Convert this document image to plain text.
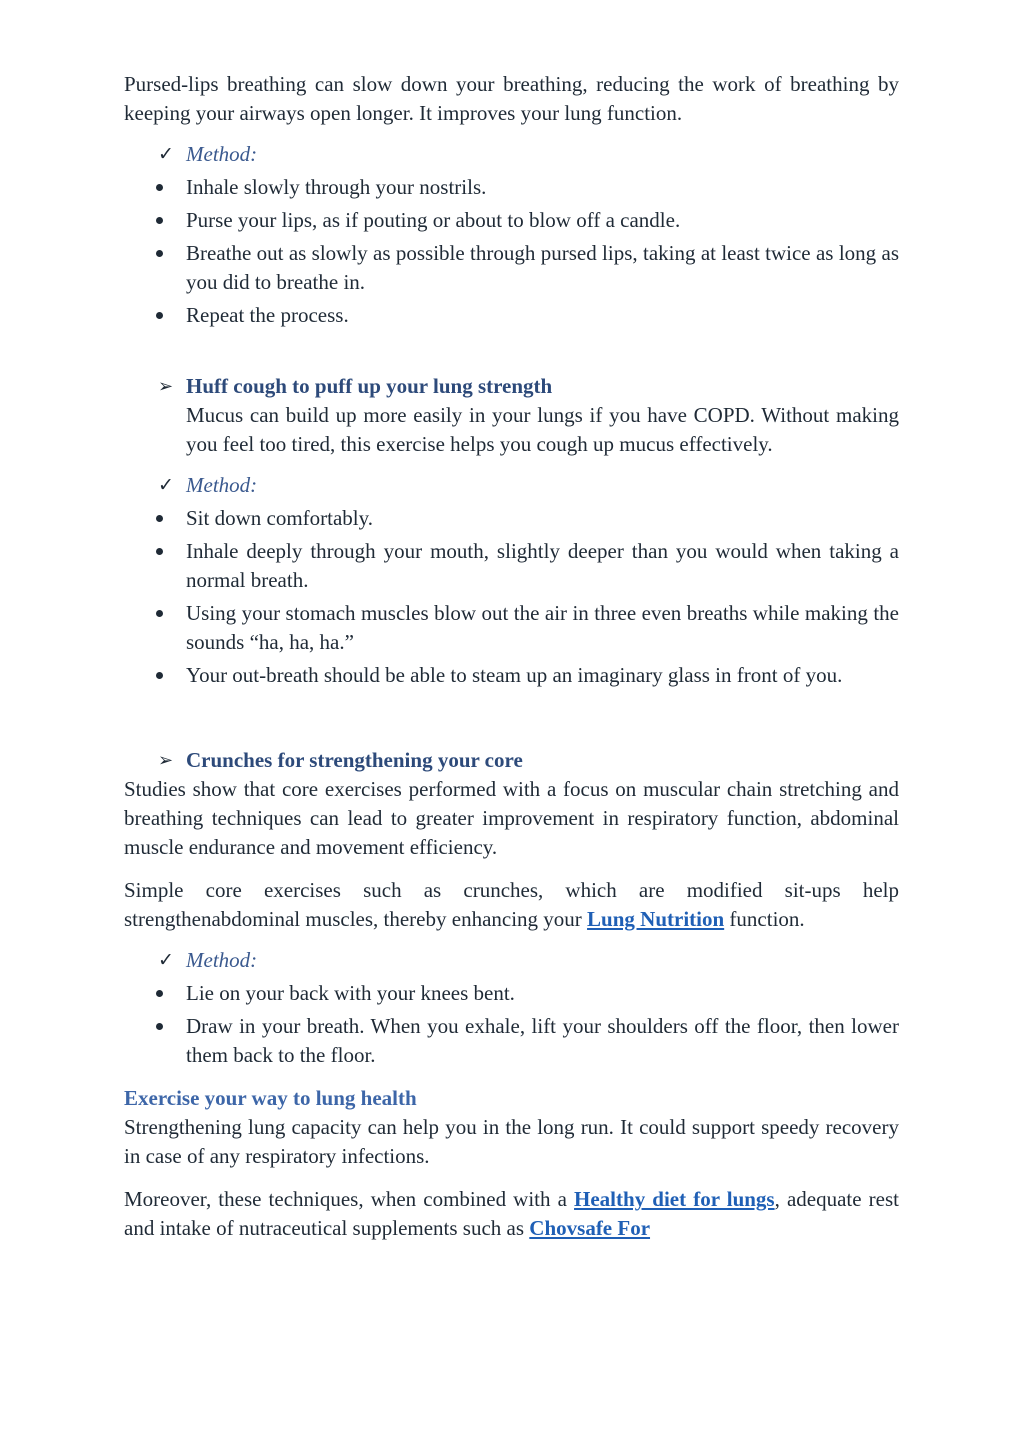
Pursed-lips breathing can slow down your breathing, reducing the work of breathing by keeping your airways open longer. It improves your lung function.

✓ Method:
Inhale slowly through your nostrils.
Purse your lips, as if pouting or about to blow off a candle.
Breathe out as slowly as possible through pursed lips, taking at least twice as long as you did to breathe in.
Repeat the process.
➢ Huff cough to puff up your lung strength

Mucus can build up more easily in your lungs if you have COPD. Without making you feel too tired, this exercise helps you cough up mucus effectively.

✓ Method:
Sit down comfortably.
Inhale deeply through your mouth, slightly deeper than you would when taking a normal breath.
Using your stomach muscles blow out the air in three even breaths while making the sounds “ha, ha, ha.”
Your out-breath should be able to steam up an imaginary glass in front of you.
➢ Crunches for strengthening your core

Studies show that core exercises performed with a focus on muscular chain stretching and breathing techniques can lead to greater improvement in respiratory function, abdominal muscle endurance and movement efficiency.

Simple core exercises such as crunches, which are modified sit-ups help strengthenabdominal muscles, thereby enhancing your Lung Nutrition function.

✓ Method:
Lie on your back with your knees bent.
Draw in your breath. When you exhale, lift your shoulders off the floor, then lower them back to the floor.

Exercise your way to lung health

Strengthening lung capacity can help you in the long run. It could support speedy recovery in case of any respiratory infections.

Moreover, these techniques, when combined with a Healthy diet for lungs, adequate rest and intake of nutraceutical supplements such as Chovsafe For
